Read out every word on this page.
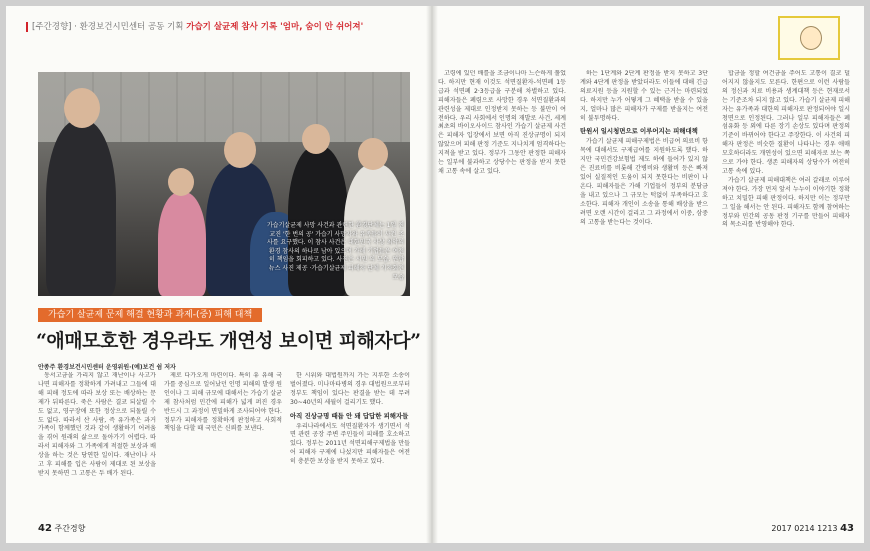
[주간경향] · 환경보건시민센터 공동 기획 가습기 살균제 참사 기록 '엄마, 숨이 안 쉬어져'
가습기살균제 사망 사건과 관련한 환경단체는 1일 진교진 '한 번의 공' 가습기 사망자와 유족들이 사건 조사를 요구했다. 이 참사 사건은 대한민국 사상 최악의 환경 참사의 하나로 남아 있으며 가해 기업들은 여전히 책임을 회피하고 있다. 사진은 시민 의 모습. 연합뉴스 사진 제공 ·가습기살균제 피해자 단체 기자회견 모습
가습기 살균제 문제 해결 현황과 과제-(중) 피해 대책
“애매모호한 경우라도 개연성 보이면 피해자다”
안종주 환경보건시민센터 운영위원·(예)보건 쉼 저자

동서고금을 가리지 않고 재난이나 사고가 나면 피해자를 정확하게 가려내고 그들에 대해 피해 정도에 따라 보상 또는 배상하는 문제가 뒤따른다. 죽은 사람은 결코 되살릴 수도 없고, 영구장애 또한 정상으로 되돌릴 수도 없다. 따라서 산 사람, 즉 유가족은 과거 가족이 함께했던 것과 같이 생활하기 어려움을 겪어 원래의 삶으로 돌아가기 어렵다. 따라서 피해자와 그 가족에게 적절한 보상과 배상을 하는 것은 당연한 일이다. 재난이나 사고 후 피해를 입은 사람이 제대로 된 보상을 받지 못하면 그 고통은 두 배가 된다.

제로 다가오게 마련이다. 특히 유 유해 국가를 중심으로 일어났던 인명 피해의 발생 원인이나 그 피해 규모에 대해서는 가습기 살균제 참사처럼 민간에 피해가 넓게 퍼진 경우 반드시 그 과정이 면밀하게 조사되어야 한다. 정부가 피해자를 정확하게 판정하고 사회적 책임을 다할 때 국민은 신뢰를 보낸다.

한 시위와 대법원까지 가는 지루한 소송이 벌어졌다. 미나마타병의 경우 대법원으로부터 정부도 책임이 있다는 판결을 받는 데 무려 30~40년의 세월이 걸리기도 했다.

아직 진상규명 때듭 안 돼 답답한 피해자들

우리나라에서도 석면질환자가 생기면서 석면 관련 공장 주변 주민들이 피해를 호소하고 있다. 정부는 2011년 석면피해구제법을 만들어 피해자 구제에 나섰지만 피해자들은 여전히 충분한 보상을 받지 못하고 있다.

42 주간경향

고령에 있던 배를을 조금이나마 느슨하게 풀었다. 하지만 현재 이것도 석면질환자-석면폐 1등급과 석면폐 2·3등급을 구분해 차별하고 있다. 피해자들은 폐렴으로 사망한 경우 석면질환과의 관련성을 제대로 인정받지 못하는 등 불만이 여전하다. 우리 사회에서 인명의 재발로 사건, 세계 최초의 바이오사이드 참사인 가습기 살균제 사건은 피해자 입장에서 보면 아직 진상규명이 되지 않았으며 피해 판정 기준도 지나치게 엄격하다는 지적을 받고 있다. 정부가 그동안 판정한 피해자는 일부에 불과하고 상당수는 판정을 받지 못한 채 고통 속에 살고 있다.

하는 1단계와 2단계 판정을 받지 못하고 3단계와 4단계 판정을 받았더라도 이들에 대해 긴급의료지원 등을 지원할 수 있는 근거는 마련되었다. 하지만 누가 어떻게 그 혜택을 받을 수 있을지, 얼마나 많은 피해자가 구제를 받을지는 여전히 불투명하다.

탄원서 일시청면으로 이루어지는 피해대책

가습기 살균제 피해구제법은 비급여 의료비 항목에 대해서도 구제급여를 지원하도록 했다. 하지만 국민건강보험법 제도 하에 들어가 있지 않은 진료비를 비롯해 간병비와 생활비 등은 빠져 있어 실질적인 도움이 되지 못한다는 비판이 나온다. 피해자들은 가해 기업들이 정부의 분담금을 내고 있으나 그 규모는 턱없이 부족하다고 호소한다. 피해자 개인이 소송을 통해 배상을 받으려면 오랜 시간이 걸리고 그 과정에서 이중, 삼중의 고통을 받는다는 것이다.

합금을 정할 여건금을 주어도 고통이 결코 덜어지지 않을지도 모른다. 한편으로 이런 사람들의 정신과 치료 비용과 생계대책 등은 현재로서는 기준조차 되지 않고 있다. 가습기 살균제 피해자는 유가족과 대한의 피해자로 판정되어야 일시청면으로 인정된다. 그러나 일부 피해자들은 폐섬유화 등 외에 다른 장기 손상도 있다며 판정의 기준이 바뀌어야 한다고 주장한다. 이 사건의 피해자 판정은 비슷한 질환이 나타나는 경우 애매모호하더라도 개연성이 있으면 피해자로 보는 쪽으로 가야 한다. 생존 피해자의 상당수가 여전히 고통 속에 있다.

가습기 살균제 피해대책은 여러 갈래로 이루어져야 한다. 가장 먼저 앞서 누누이 이야기한 정확하고 치밀한 피해 판정이다. 하지만 이는 정부만 그 일을 해서는 안 된다. 피해자도 함께 참여하는 정부와 민간의 공동 판정 기구를 만들어 피해자의 목소리를 반영해야 한다.

2017 0214 1213 43
